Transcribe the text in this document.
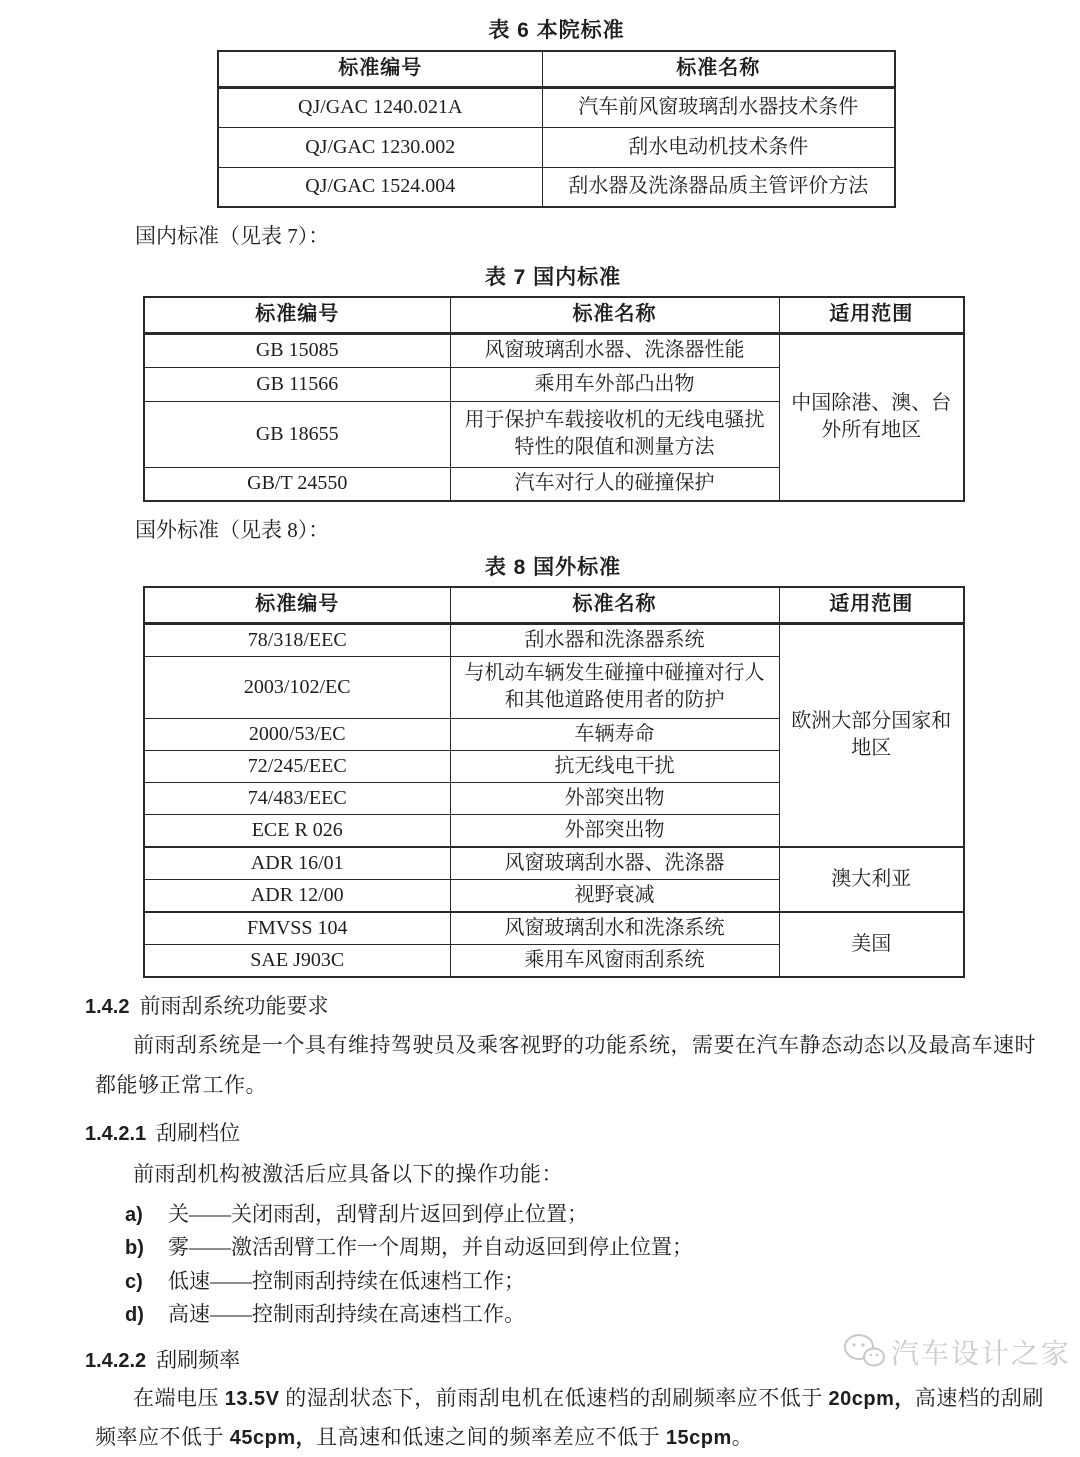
表 6 本院标准
标准编号	标准名称
QJ/GAC 1240.021A	汽车前风窗玻璃刮水器技术条件
QJ/GAC 1230.002	刮水电动机技术条件
QJ/GAC 1524.004	刮水器及洗涤器品质主管评价方法

国内标准（见表 7）：

表 7 国内标准
标准编号	标准名称	适用范围
GB 15085	风窗玻璃刮水器、洗涤器性能	中国除港、澳、台外所有地区
GB 11566	乘用车外部凸出物	
GB 18655	用于保护车载接收机的无线电骚扰特性的限值和测量方法	
GB/T 24550	汽车对行人的碰撞保护	

国外标准（见表 8）：

表 8 国外标准
标准编号	标准名称	适用范围
78/318/EEC	刮水器和洗涤器系统	欧洲大部分国家和地区
2003/102/EC	与机动车辆发生碰撞中碰撞对行人和其他道路使用者的防护	
2000/53/EC	车辆寿命	
72/245/EEC	抗无线电干扰	
74/483/EEC	外部突出物	
ECE R 026	外部突出物	
ADR 16/01	风窗玻璃刮水器、洗涤器	澳大利亚
ADR 12/00	视野衰减	
FMVSS 104	风窗玻璃刮水和洗涤系统	美国
SAE J903C	乘用车风窗雨刮系统	
1.4.2 前雨刮系统功能要求

前雨刮系统是一个具有维持驾驶员及乘客视野的功能系统，需要在汽车静态动态以及最高车速时都能够正常工作。

1.4.2.1 刮刷档位

前雨刮机构被激活后应具备以下的操作功能：

a) 关——关闭雨刮，刮臂刮片返回到停止位置；
b) 雾——激活刮臂工作一个周期，并自动返回到停止位置；
c) 低速——控制雨刮持续在低速档工作；
d) 高速——控制雨刮持续在高速档工作。
1.4.2.2 刮刷频率

在端电压 13.5V 的湿刮状态下，前雨刮电机在低速档的刮刷频率应不低于 20cpm，高速档的刮刷频率应不低于 45cpm，且高速和低速之间的频率差应不低于 15cpm。

汽车设计之家
